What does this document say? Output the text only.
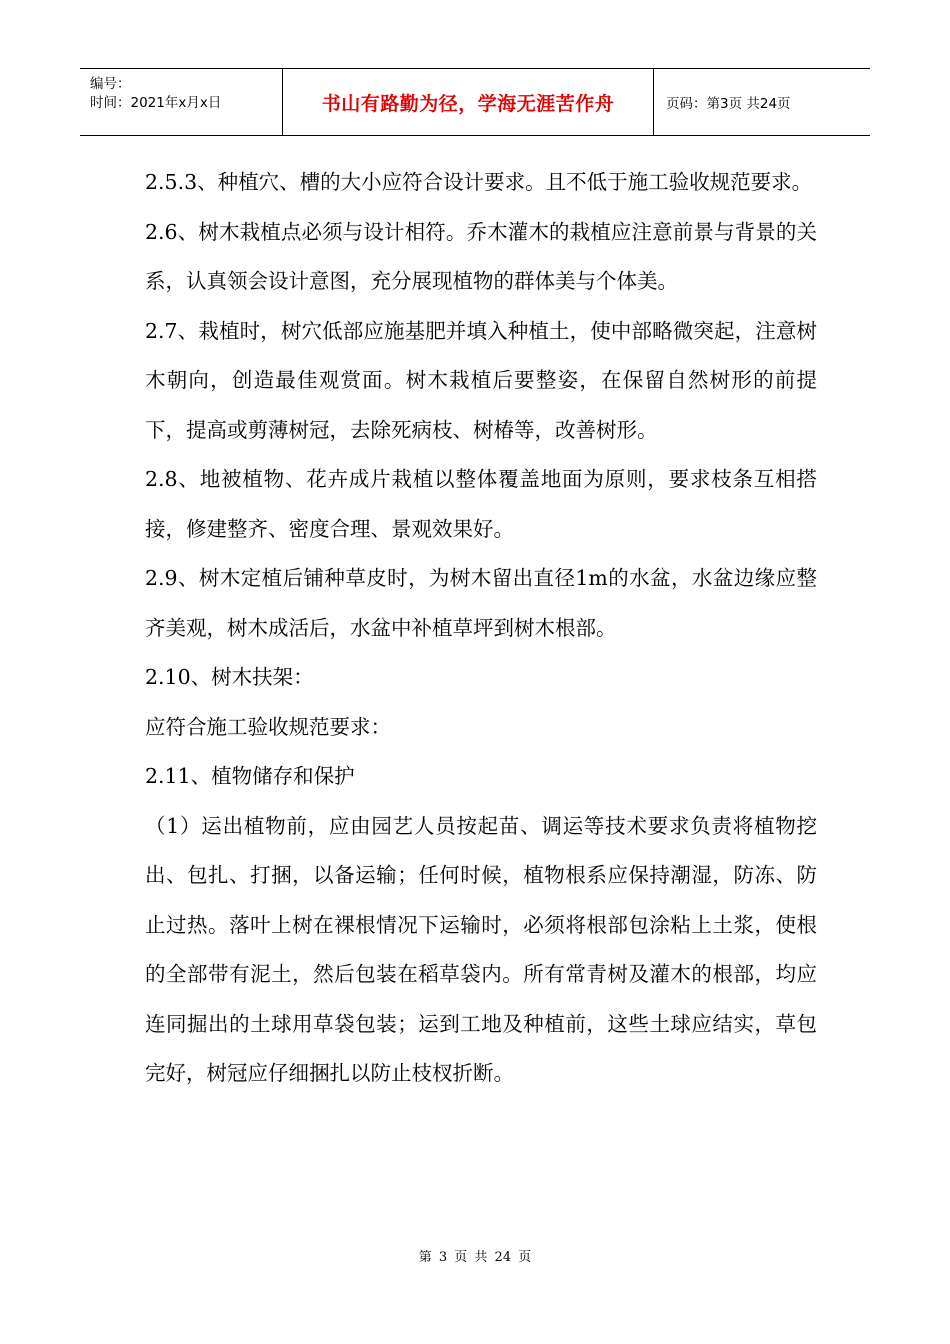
编号：
时间：2021年x月x日	书山有路勤为径，学海无涯苦作舟	页码：第3页 共24页

2.5.3、种植穴、槽的大小应符合设计要求。且不低于施工验收规范要求。

2.6、树木栽植点必须与设计相符。乔木灌木的栽植应注意前景与背景的关系，认真领会设计意图，充分展现植物的群体美与个体美。

2.7、栽植时，树穴低部应施基肥并填入种植土，使中部略微突起，注意树木朝向，创造最佳观赏面。树木栽植后要整姿，在保留自然树形的前提下，提高或剪薄树冠，去除死病枝、树椿等，改善树形。

2.8、地被植物、花卉成片栽植以整体覆盖地面为原则，要求枝条互相搭接，修建整齐、密度合理、景观效果好。

2.9、树木定植后铺种草皮时，为树木留出直径1m的水盆，水盆边缘应整齐美观，树木成活后，水盆中补植草坪到树木根部。

2.10、树木扶架：

应符合施工验收规范要求：

2.11、植物储存和保护

（1）运出植物前，应由园艺人员按起苗、调运等技术要求负责将植物挖出、包扎、打捆，以备运输；任何时候，植物根系应保持潮湿，防冻、防止过热。落叶上树在裸根情况下运输时，必须将根部包涂粘上土浆，使根的全部带有泥土，然后包装在稻草袋内。所有常青树及灌木的根部，均应连同掘出的土球用草袋包装；运到工地及种植前，这些土球应结实，草包完好，树冠应仔细捆扎以防止枝杈折断。

第 3 页 共 24 页
